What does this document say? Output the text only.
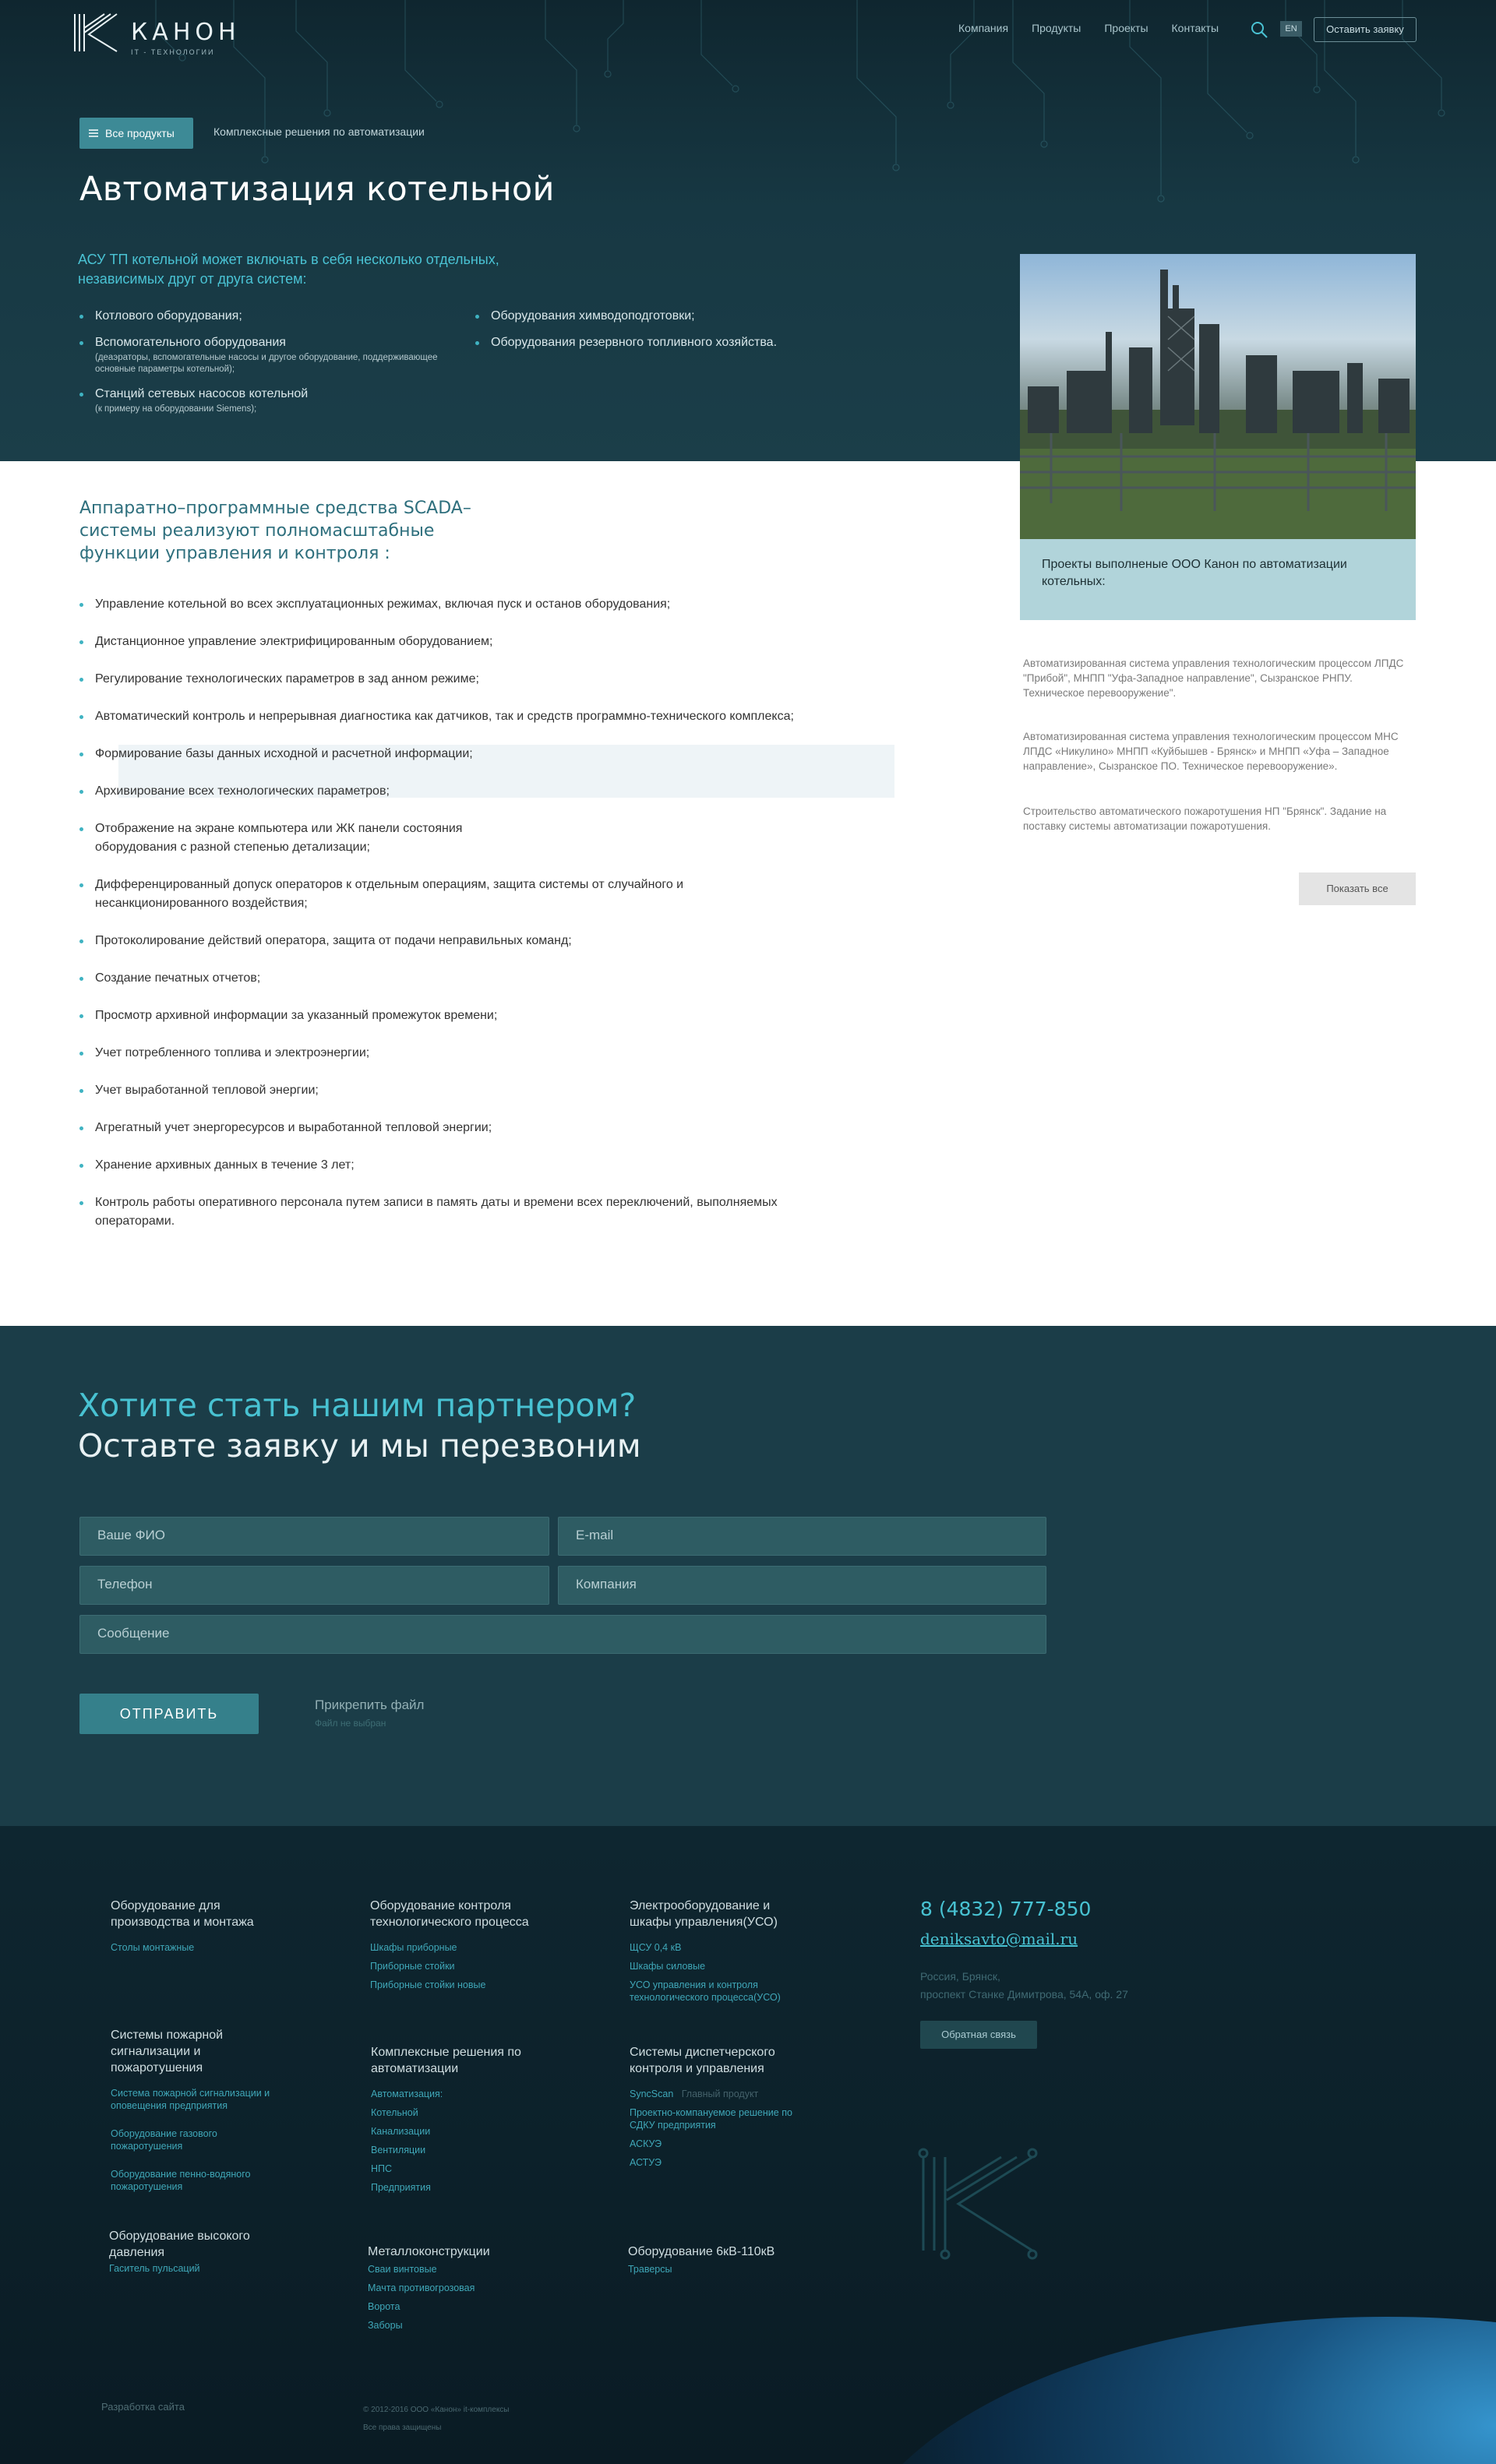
КАНОН
IT - ТЕХНОЛОГИИ
Компания Продукты Проекты Контакты	EN	Оставить заявку
Все продукты	Комплексные решения по автоматизации
Автоматизация котельной
АСУ ТП котельной может включать в себя несколько отдельных, независимых друг от друга систем:
Котлового оборудования;
Вспомогательного оборудования
(деаэраторы, вспомогательные насосы и другое оборудование, поддерживающее основные параметры котельной);
Станций сетевых насосов котельной
(к примеру на оборудовании Siemens);
Оборудования химводоподготовки;
Оборудования резервного топливного хозяйства.
Проекты выполненые ООО Канон по автоматизации котельных:
Автоматизированная система управления технологическим процессом ЛПДС "Прибой", МНПП "Уфа-Западное направление", Сызранское РНПУ. Техническое перевооружение".
Автоматизированная система управления технологическим процессом МНС ЛПДС «Никулино» МНПП «Куйбышев - Брянск» и МНПП «Уфа – Западное направление», Сызранское ПО. Техническое перевооружение».
Строительство автоматического пожаротушения НП "Брянск". Задание на поставку системы автоматизации пожаротушения.
Показать все
Аппаратно–программные средства SCADA–системы реализуют полномасштабные функции управления и контроля :
Управление котельной во всех эксплуатационных режимах, включая пуск и останов оборудования;
Дистанционное управление электрифицированным оборудованием;
Регулирование технологических параметров в зад анном режиме;
Автоматический контроль и непрерывная диагностика как датчиков, так и средств программно-технического комплекса;
Формирование базы данных исходной и расчетной информации;
Архивирование всех технологических параметров;
Отображение на экране компьютера или ЖК панели состояния оборудования с разной степенью детализации;
Дифференцированный допуск операторов к отдельным операциям, защита системы от случайного и несанкционированного воздействия;
Протоколирование действий оператора, защита от подачи неправильных команд;
Создание печатных отчетов;
Просмотр архивной информации за указанный промежуток времени;
Учет потребленного топлива и электроэнергии;
Учет выработанной тепловой энергии;
Агрегатный учет энергоресурсов и выработанной тепловой энергии;
Хранение архивных данных в течение 3 лет;
Контроль работы оперативного персонала путем записи в память даты и времени всех переключений, выполняемых операторами.
Хотите стать нашим партнером?
Оставте заявку и мы перезвоним
Ваше ФИО	E-mail
Телефон	Компания
Сообщение
ОТПРАВИТЬ
Прикрепить файл
Файл не выбран
Оборудование для производства и монтажа
Столы монтажные
Оборудование контроля технологического процесса
Шкафы приборные
Приборные стойки
Приборные стойки новые
Электрооборудование и шкафы управления(УСО)
ЩСУ 0,4 кВ
Шкафы силовые
УСО управления и контроля технологического процесса(УСО)
Системы пожарной сигнализации и пожаротушения
Система пожарной сигнализации и оповещения предприятия
Оборудование газового пожаротушения
Оборудование пенно-водяного пожаротушения
Комплексные решения по автоматизации
Автоматизация:
Котельной
Канализации
Вентиляции
НПС
Предприятия
Системы диспетчерского контроля и управления
SyncScan Главный продукт
Проектно-компануемое решение по СДКУ предприятия
АСКУЭ
АСТУЭ
Оборудование высокого давления
Гаситель пульсаций
Металлоконструкции
Сваи винтовые
Мачта противогрозовая
Ворота
Заборы
Оборудование 6кВ-110кВ
Траверсы
8 (4832) 777-850
deniksavto@mail.ru
Россия, Брянск,
проспект Станке Димитрова, 54А, оф. 27
Обратная связь
Разработка сайта	© 2012-2016 ООО «Канон» it-комплексы
Все права защищены
